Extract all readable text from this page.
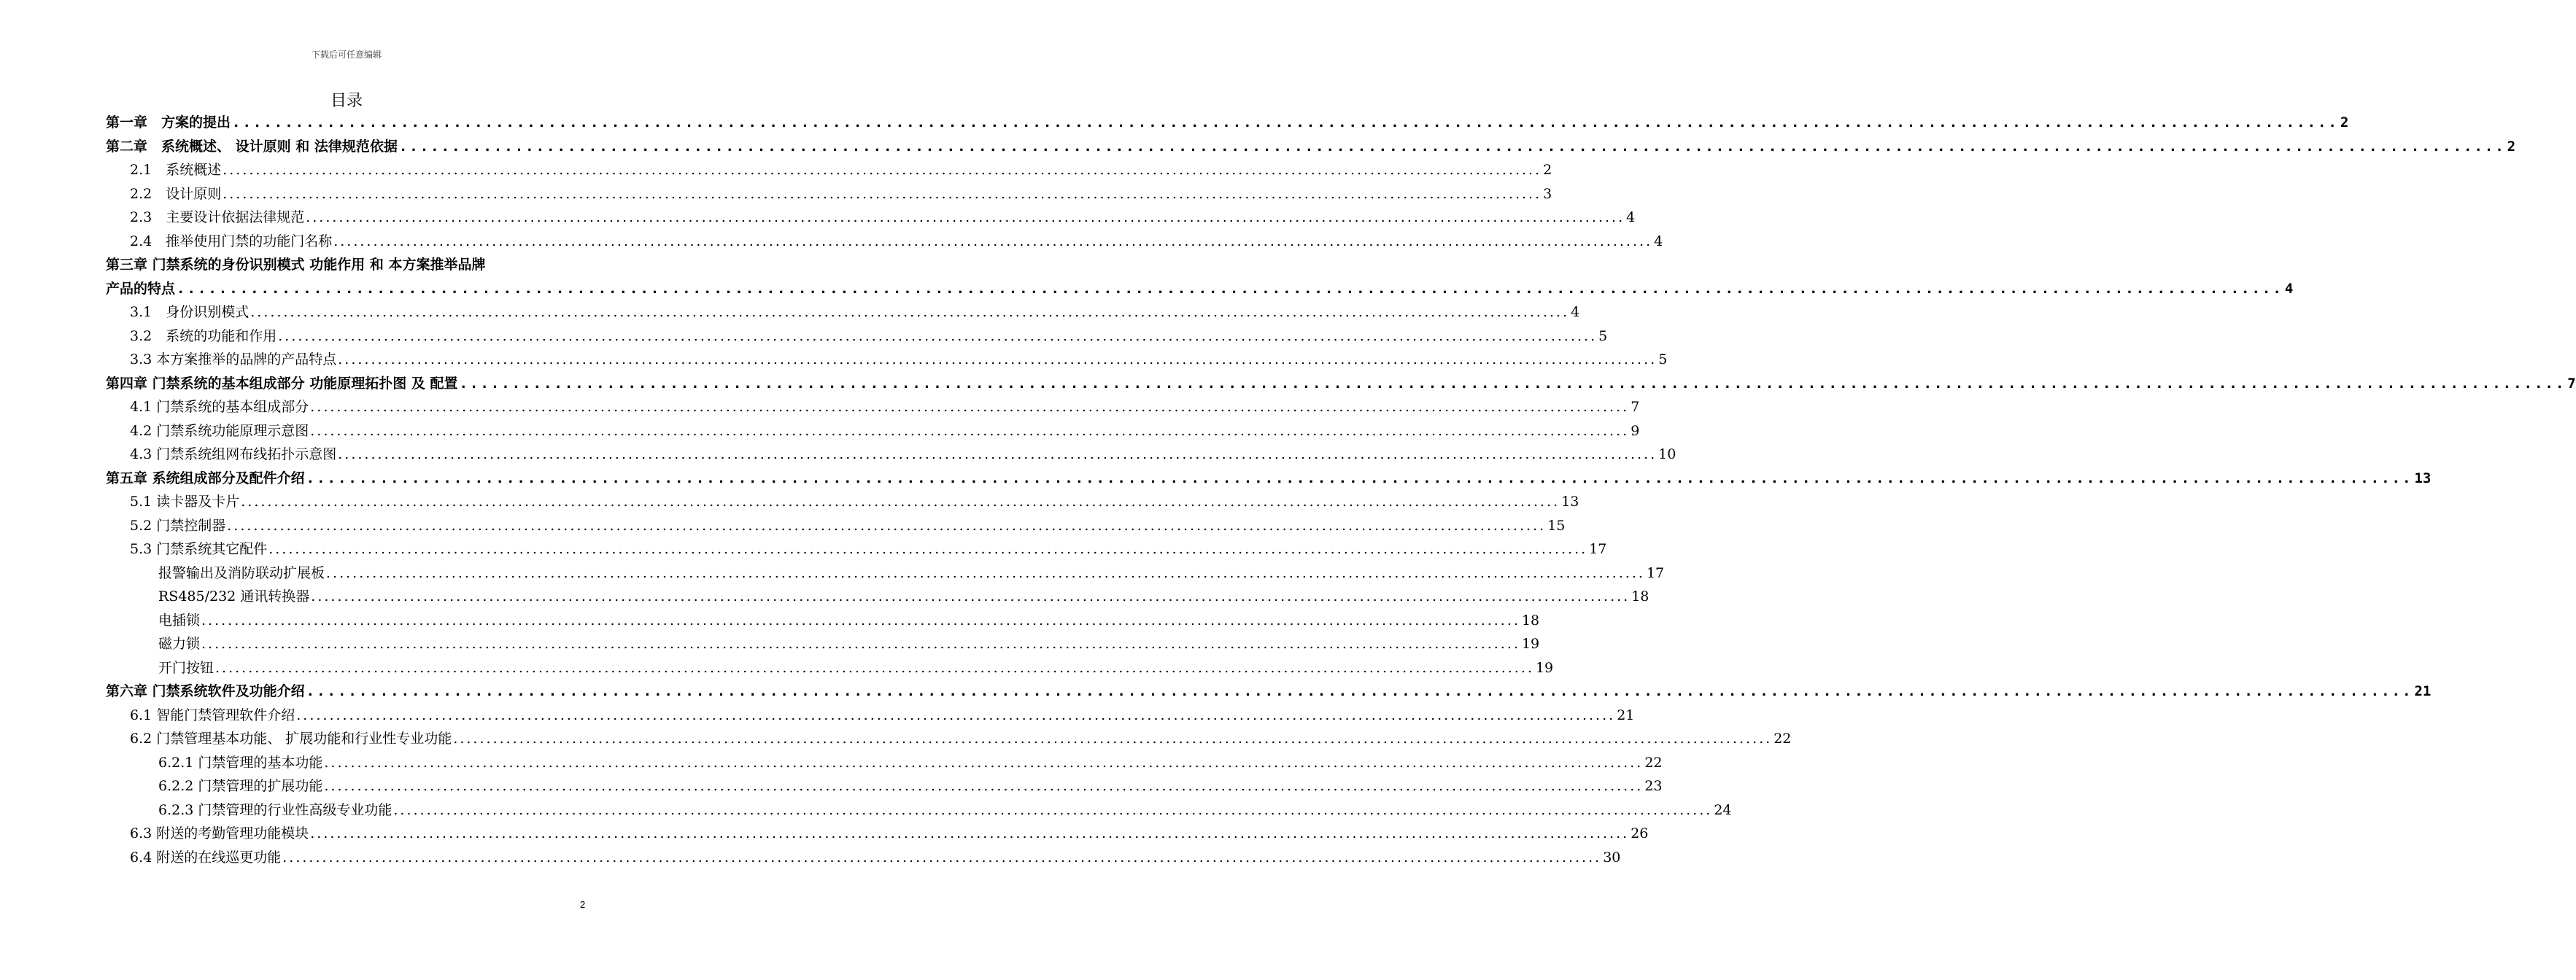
下载后可任意编辑
目录
第一章　方案的提出 ........................................................................................................................................................................................................ 2
第二章　系统概述、 设计原则 和 法律规范依据 ........................................................................................................................................................................................................ 2
2.1　系统概述 ........................................................................................................................................................................................................ 2
2.2　设计原则 ........................................................................................................................................................................................................ 3
2.3　主要设计依据法律规范 ........................................................................................................................................................................................................ 4
2.4　推举使用门禁的功能门名称 ........................................................................................................................................................................................................ 4
第三章 门禁系统的身份识别模式 功能作用 和 本方案推举品牌
产品的特点 ........................................................................................................................................................................................................ 4
3.1　身份识别模式 ........................................................................................................................................................................................................ 4
3.2　系统的功能和作用 ........................................................................................................................................................................................................ 5
3.3 本方案推举的品牌的产品特点 ........................................................................................................................................................................................................ 5
第四章 门禁系统的基本组成部分 功能原理拓扑图 及 配置 ........................................................................................................................................................................................................ 7
4.1 门禁系统的基本组成部分 ........................................................................................................................................................................................................ 7
4.2 门禁系统功能原理示意图 ........................................................................................................................................................................................................ 9
4.3 门禁系统组网布线拓扑示意图 ........................................................................................................................................................................................................ 10
第五章 系统组成部分及配件介绍 ........................................................................................................................................................................................................ 13
5.1 读卡器及卡片 ........................................................................................................................................................................................................ 13
5.2 门禁控制器 ........................................................................................................................................................................................................ 15
5.3 门禁系统其它配件 ........................................................................................................................................................................................................ 17
报警输出及消防联动扩展板 ........................................................................................................................................................................................................ 17
RS485/232 通讯转换器 ........................................................................................................................................................................................................ 18
电插锁 ........................................................................................................................................................................................................ 18
磁力锁 ........................................................................................................................................................................................................ 19
开门按钮 ........................................................................................................................................................................................................ 19
第六章 门禁系统软件及功能介绍 ........................................................................................................................................................................................................ 21
6.1 智能门禁管理软件介绍 ........................................................................................................................................................................................................ 21
6.2 门禁管理基本功能、 扩展功能和行业性专业功能 ........................................................................................................................................................................................................ 22
6.2.1 门禁管理的基本功能 ........................................................................................................................................................................................................ 22
6.2.2 门禁管理的扩展功能 ........................................................................................................................................................................................................ 23
6.2.3 门禁管理的行业性高级专业功能 ........................................................................................................................................................................................................ 24
6.3 附送的考勤管理功能模块 ........................................................................................................................................................................................................ 26
6.4 附送的在线巡更功能 ........................................................................................................................................................................................................ 30
2
